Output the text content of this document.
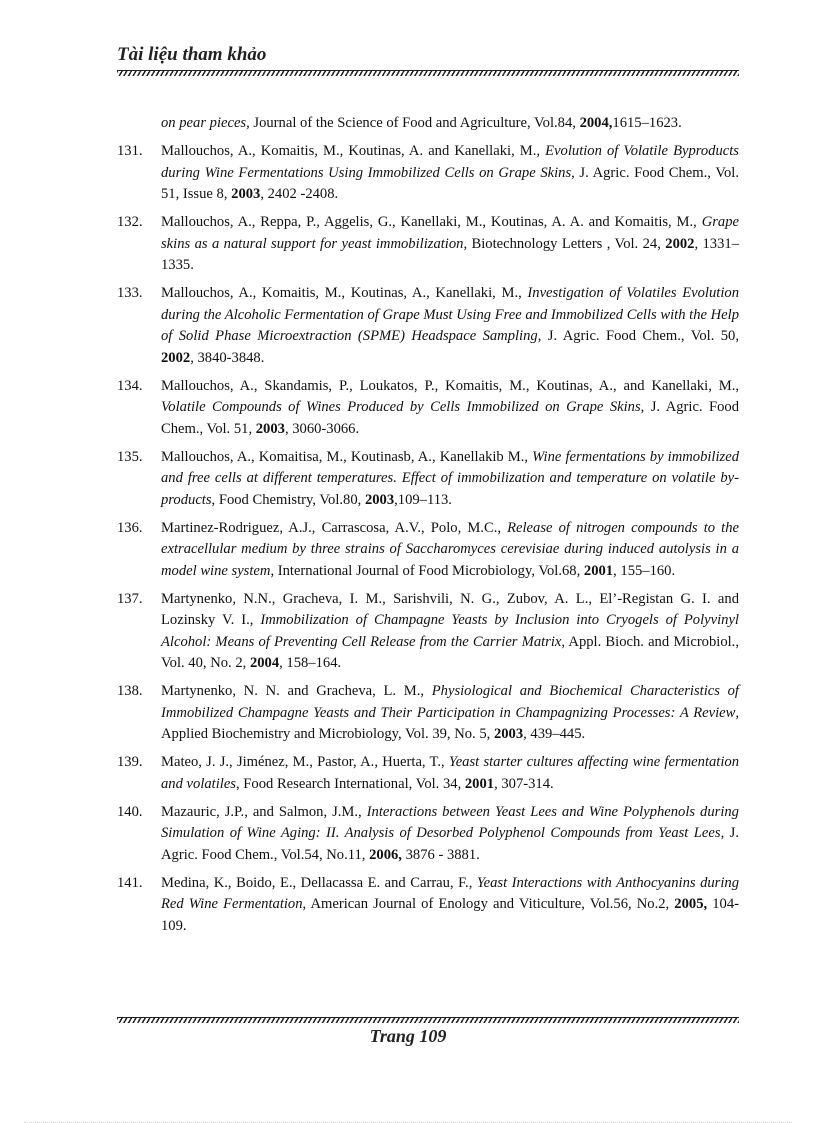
Tài liệu tham khảo
on pear pieces, Journal of the Science of Food and Agriculture, Vol.84, 2004,1615–1623.
131. Mallouchos, A., Komaitis, M., Koutinas, A. and Kanellaki, M., Evolution of Volatile Byproducts during Wine Fermentations Using Immobilized Cells on Grape Skins, J. Agric. Food Chem., Vol. 51, Issue 8, 2003, 2402 -2408.
132. Mallouchos, A., Reppa, P., Aggelis, G., Kanellaki, M., Koutinas, A. A. and Komaitis, M., Grape skins as a natural support for yeast immobilization, Biotechnology Letters , Vol. 24, 2002, 1331–1335.
133. Mallouchos, A., Komaitis, M., Koutinas, A., Kanellaki, M., Investigation of Volatiles Evolution during the Alcoholic Fermentation of Grape Must Using Free and Immobilized Cells with the Help of Solid Phase Microextraction (SPME) Headspace Sampling, J. Agric. Food Chem., Vol. 50, 2002, 3840-3848.
134. Mallouchos, A., Skandamis, P., Loukatos, P., Komaitis, M., Koutinas, A., and Kanellaki, M., Volatile Compounds of Wines Produced by Cells Immobilized on Grape Skins, J. Agric. Food Chem., Vol. 51, 2003, 3060-3066.
135. Mallouchos, A., Komaitisa, M., Koutinasb, A., Kanellakib M., Wine fermentations by immobilized and free cells at different temperatures. Effect of immobilization and temperature on volatile by-products, Food Chemistry, Vol.80, 2003,109–113.
136. Martinez-Rodriguez, A.J., Carrascosa, A.V., Polo, M.C., Release of nitrogen compounds to the extracellular medium by three strains of Saccharomyces cerevisiae during induced autolysis in a model wine system, International Journal of Food Microbiology, Vol.68, 2001, 155–160.
137. Martynenko, N.N., Gracheva, I. M., Sarishvili, N. G., Zubov, A. L., El’-Registan G. I. and Lozinsky V. I., Immobilization of Champagne Yeasts by Inclusion into Cryogels of Polyvinyl Alcohol: Means of Preventing Cell Release from the Carrier Matrix, Appl. Bioch. and Microbiol., Vol. 40, No. 2, 2004, 158–164.
138. Martynenko, N. N. and Gracheva, L. M., Physiological and Biochemical Characteristics of Immobilized Champagne Yeasts and Their Participation in Champagnizing Processes: A Review, Applied Biochemistry and Microbiology, Vol. 39, No. 5, 2003, 439–445.
139. Mateo, J. J., Jiménez, M., Pastor, A., Huerta, T., Yeast starter cultures affecting wine fermentation and volatiles, Food Research International, Vol. 34, 2001, 307-314.
140. Mazauric, J.P., and Salmon, J.M., Interactions between Yeast Lees and Wine Polyphenols during Simulation of Wine Aging: II. Analysis of Desorbed Polyphenol Compounds from Yeast Lees, J. Agric. Food Chem., Vol.54, No.11, 2006, 3876 - 3881.
141. Medina, K., Boido, E., Dellacassa E. and Carrau, F., Yeast Interactions with Anthocyanins during Red Wine Fermentation, American Journal of Enology and Viticulture, Vol.56, No.2, 2005, 104-109.
Trang 109
